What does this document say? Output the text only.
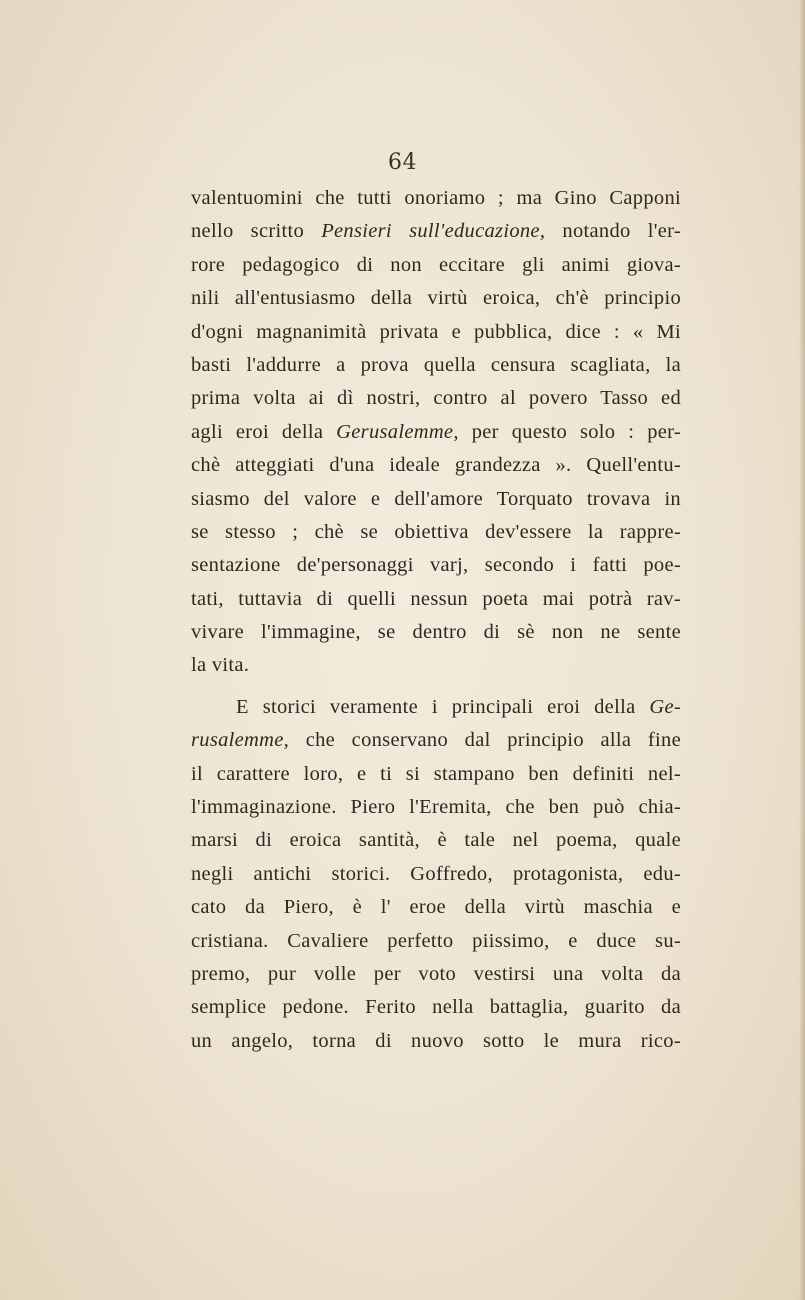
64
valentuomini che tutti onoriamo ; ma Gino Capponi
nello scritto Pensieri sull'educazione, notando l'er-
rore pedagogico di non eccitare gli animi giova-
nili all'entusiasmo della virtù eroica, ch'è principio
d'ogni magnanimità privata e pubblica, dice : « Mi
basti l'addurre a prova quella censura scagliata, la
prima volta ai dì nostri, contro al povero Tasso ed
agli eroi della Gerusalemme, per questo solo : per-
chè atteggiati d'una ideale grandezza ». Quell'entu-
siasmo del valore e dell'amore Torquato trovava in
se stesso ; chè se obiettiva dev'essere la rappre-
sentazione de'personaggi varj, secondo i fatti poe-
tati, tuttavia di quelli nessun poeta mai potrà rav-
vivare l'immagine, se dentro di sè non ne sente
la vita.
E storici veramente i principali eroi della Ge-
rusalemme, che conservano dal principio alla fine
il carattere loro, e ti si stampano ben definiti nel-
l'immaginazione. Piero l'Eremita, che ben può chia-
marsi di eroica santità, è tale nel poema, quale
negli antichi storici. Goffredo, protagonista, edu-
cato da Piero, è l' eroe della virtù maschia e
cristiana. Cavaliere perfetto piissimo, e duce su-
premo, pur volle per voto vestirsi una volta da
semplice pedone. Ferito nella battaglia, guarito da
un angelo, torna di nuovo sotto le mura rico-
